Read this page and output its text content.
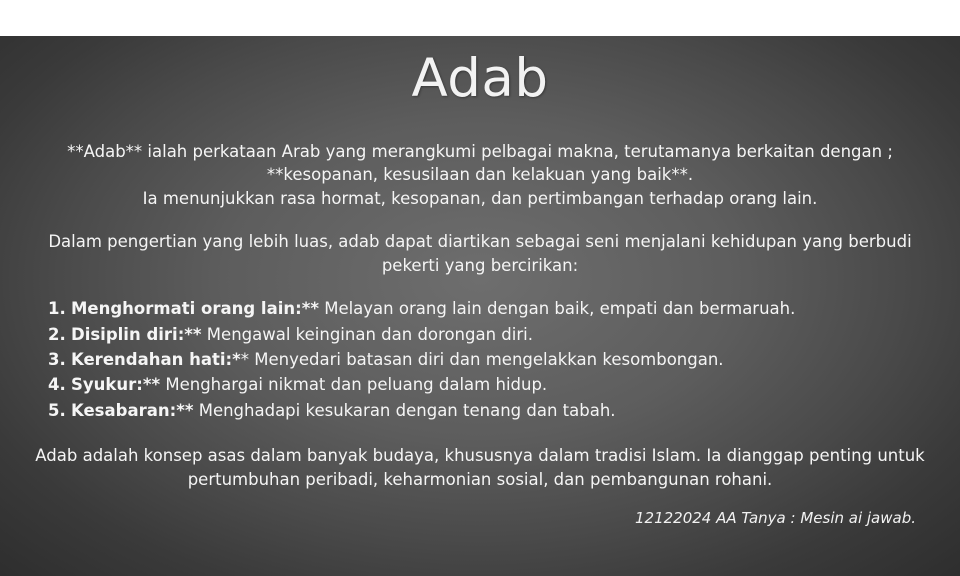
Adab

**Adab** ialah perkataan Arab yang merangkumi pelbagai makna, terutamanya berkaitan dengan ;

**kesopanan, kesusilaan dan kelakuan yang baik**.

Ia menunjukkan rasa hormat, kesopanan, dan pertimbangan terhadap orang lain.

Dalam pengertian yang lebih luas, adab dapat diartikan sebagai seni menjalani kehidupan yang berbudi pekerti yang bercirikan:

1. Menghormati orang lain:** Melayan orang lain dengan baik, empati dan bermaruah.
2. Disiplin diri:** Mengawal keinginan dan dorongan diri.
3. Kerendahan hati:** Menyedari batasan diri dan mengelakkan kesombongan.
4. Syukur:** Menghargai nikmat dan peluang dalam hidup.
5. Kesabaran:** Menghadapi kesukaran dengan tenang dan tabah.

Adab adalah konsep asas dalam banyak budaya, khususnya dalam tradisi Islam. Ia dianggap penting untuk pertumbuhan peribadi, keharmonian sosial, dan pembangunan rohani.

12122024 AA Tanya : Mesin ai jawab.
